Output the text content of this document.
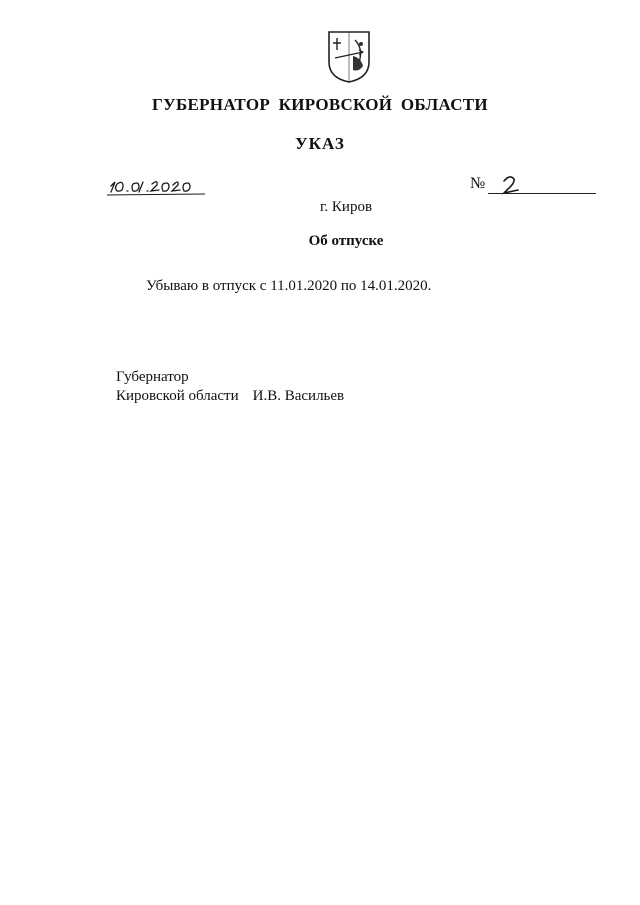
ГУБЕРНАТОР КИРОВСКОЙ ОБЛАСТИ
УКАЗ
№
г. Киров
Об отпуске
Убываю в отпуск с 11.01.2020 по 14.01.2020.
Губернатор
Кировской области И.В. Васильев
